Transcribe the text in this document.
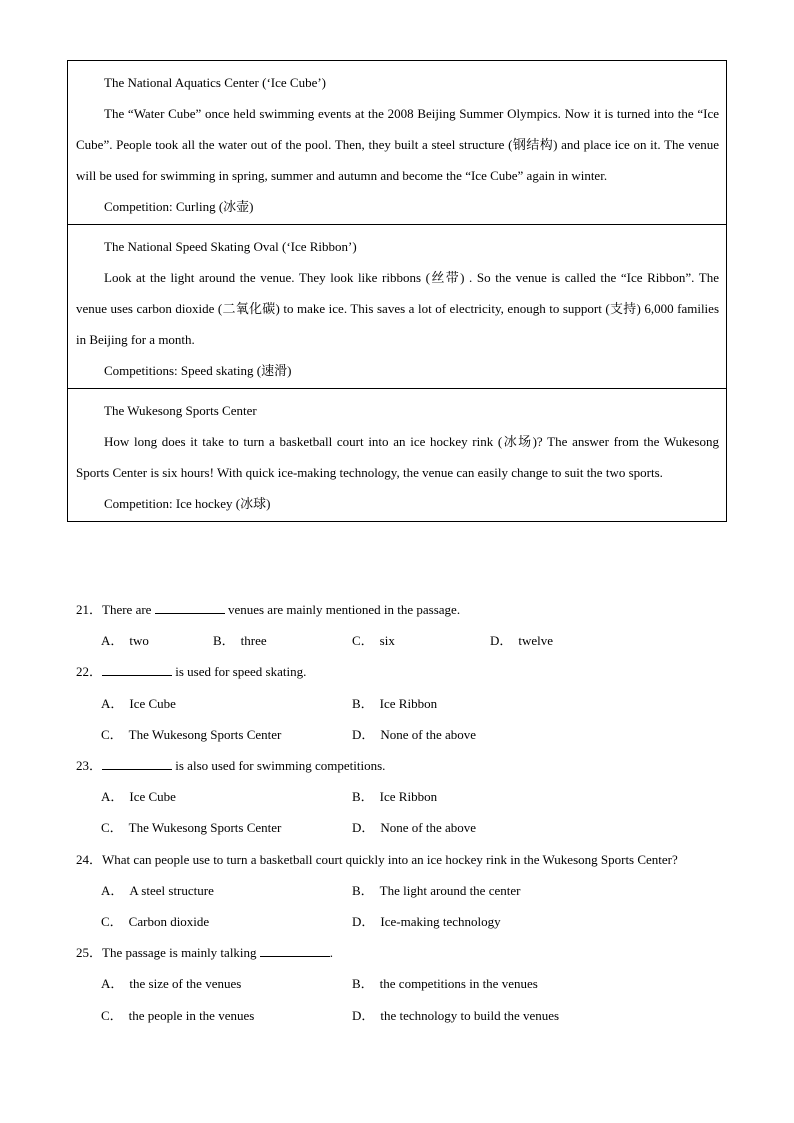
The National Aquatics Center (‘Ice Cube’)

The “Water Cube” once held swimming events at the 2008 Beijing Summer Olympics. Now it is turned into the “Ice Cube”. People took all the water out of the pool. Then, they built a steel structure (钢结构) and place ice on it. The venue will be used for swimming in spring, summer and autumn and become the “Ice Cube” again in winter.

Competition: Curling (冰壶)

The National Speed Skating Oval (‘Ice Ribbon’)

Look at the light around the venue. They look like ribbons (丝带) . So the venue is called the “Ice Ribbon”. The venue uses carbon dioxide (二氧化碳) to make ice. This saves a lot of electricity, enough to support (支持) 6,000 families in Beijing for a month.

Competitions: Speed skating (速滑)

The Wukesong Sports Center

How long does it take to turn a basketball court into an ice hockey rink (冰场)? The answer from the Wukesong Sports Center is six hours! With quick ice-making technology, the venue can easily change to suit the two sports.

Competition: Ice hockey (冰球)

21．There are	venues are mainly mentioned in the passage.

A． two	B． three	C． six	D． twelve

22．	is used for speed skating.

A． Ice Cube	B． Ice Ribbon
C． The Wukesong Sports Center	D． None of the above

23．	is also used for swimming competitions.

A． Ice Cube	B． Ice Ribbon
C． The Wukesong Sports Center	D． None of the above

24．What can people use to turn a basketball court quickly into an ice hockey rink in the Wukesong Sports Center?

A． A steel structure	B． The light around the center
C． Carbon dioxide	D． Ice-making technology

25．The passage is mainly talking	.

A． the size of the venues	B． the competitions in the venues
C． the people in the venues	D． the technology to build the venues
